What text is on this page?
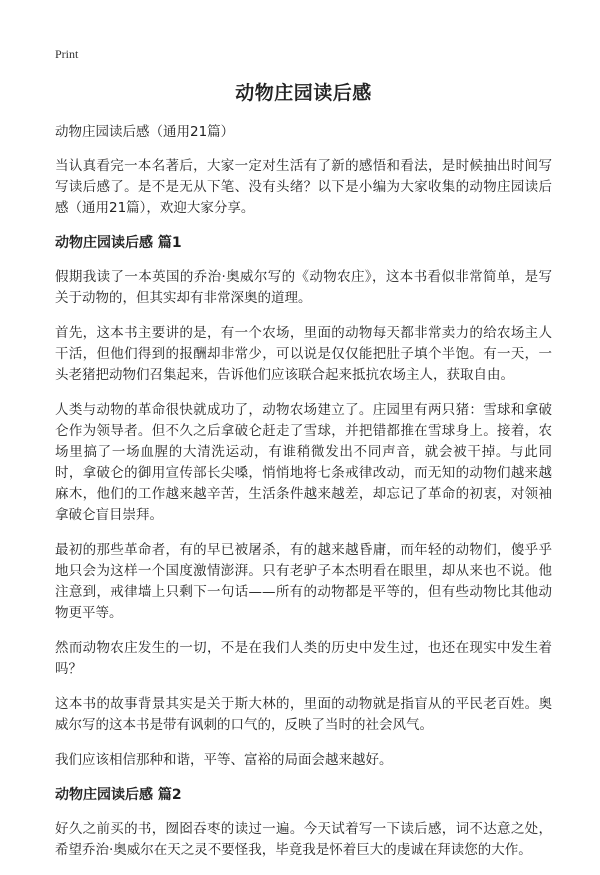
Print
动物庄园读后感
动物庄园读后感（通用21篇）

当认真看完一本名著后，大家一定对生活有了新的感悟和看法，是时候抽出时间写写读后感了。是不是无从下笔、没有头绪？以下是小编为大家收集的动物庄园读后感（通用21篇），欢迎大家分享。

动物庄园读后感 篇1

假期我读了一本英国的乔治·奥威尔写的《动物农庄》，这本书看似非常简单，是写关于动物的，但其实却有非常深奥的道理。

首先，这本书主要讲的是，有一个农场，里面的动物每天都非常卖力的给农场主人干活，但他们得到的报酬却非常少，可以说是仅仅能把肚子填个半饱。有一天，一头老猪把动物们召集起来，告诉他们应该联合起来抵抗农场主人，获取自由。

人类与动物的革命很快就成功了，动物农场建立了。庄园里有两只猪：雪球和拿破仑作为领导者。但不久之后拿破仑赶走了雪球，并把错都推在雪球身上。接着，农场里搞了一场血腥的大清洗运动，有谁稍微发出不同声音，就会被干掉。与此同时，拿破仑的御用宣传部长尖嗓，悄悄地将七条戒律改动，而无知的动物们越来越麻木，他们的工作越来越辛苦，生活条件越来越差，却忘记了革命的初衷，对领袖拿破仑盲目崇拜。

最初的那些革命者，有的早已被屠杀，有的越来越昏庸，而年轻的动物们，傻乎乎地只会为这样一个国度激情澎湃。只有老驴子本杰明看在眼里，却从来也不说。他注意到，戒律墙上只剩下一句话——所有的动物都是平等的，但有些动物比其他动物更平等。

然而动物农庄发生的一切，不是在我们人类的历史中发生过，也还在现实中发生着吗？

这本书的故事背景其实是关于斯大林的，里面的动物就是指盲从的平民老百姓。奥威尔写的这本书是带有讽刺的口气的，反映了当时的社会风气。

我们应该相信那种和谐，平等、富裕的局面会越来越好。

动物庄园读后感 篇2

好久之前买的书，囫囵吞枣的读过一遍。今天试着写一下读后感，词不达意之处，希望乔治·奥威尔在天之灵不要怪我，毕竟我是怀着巨大的虔诚在拜读您的大作。
